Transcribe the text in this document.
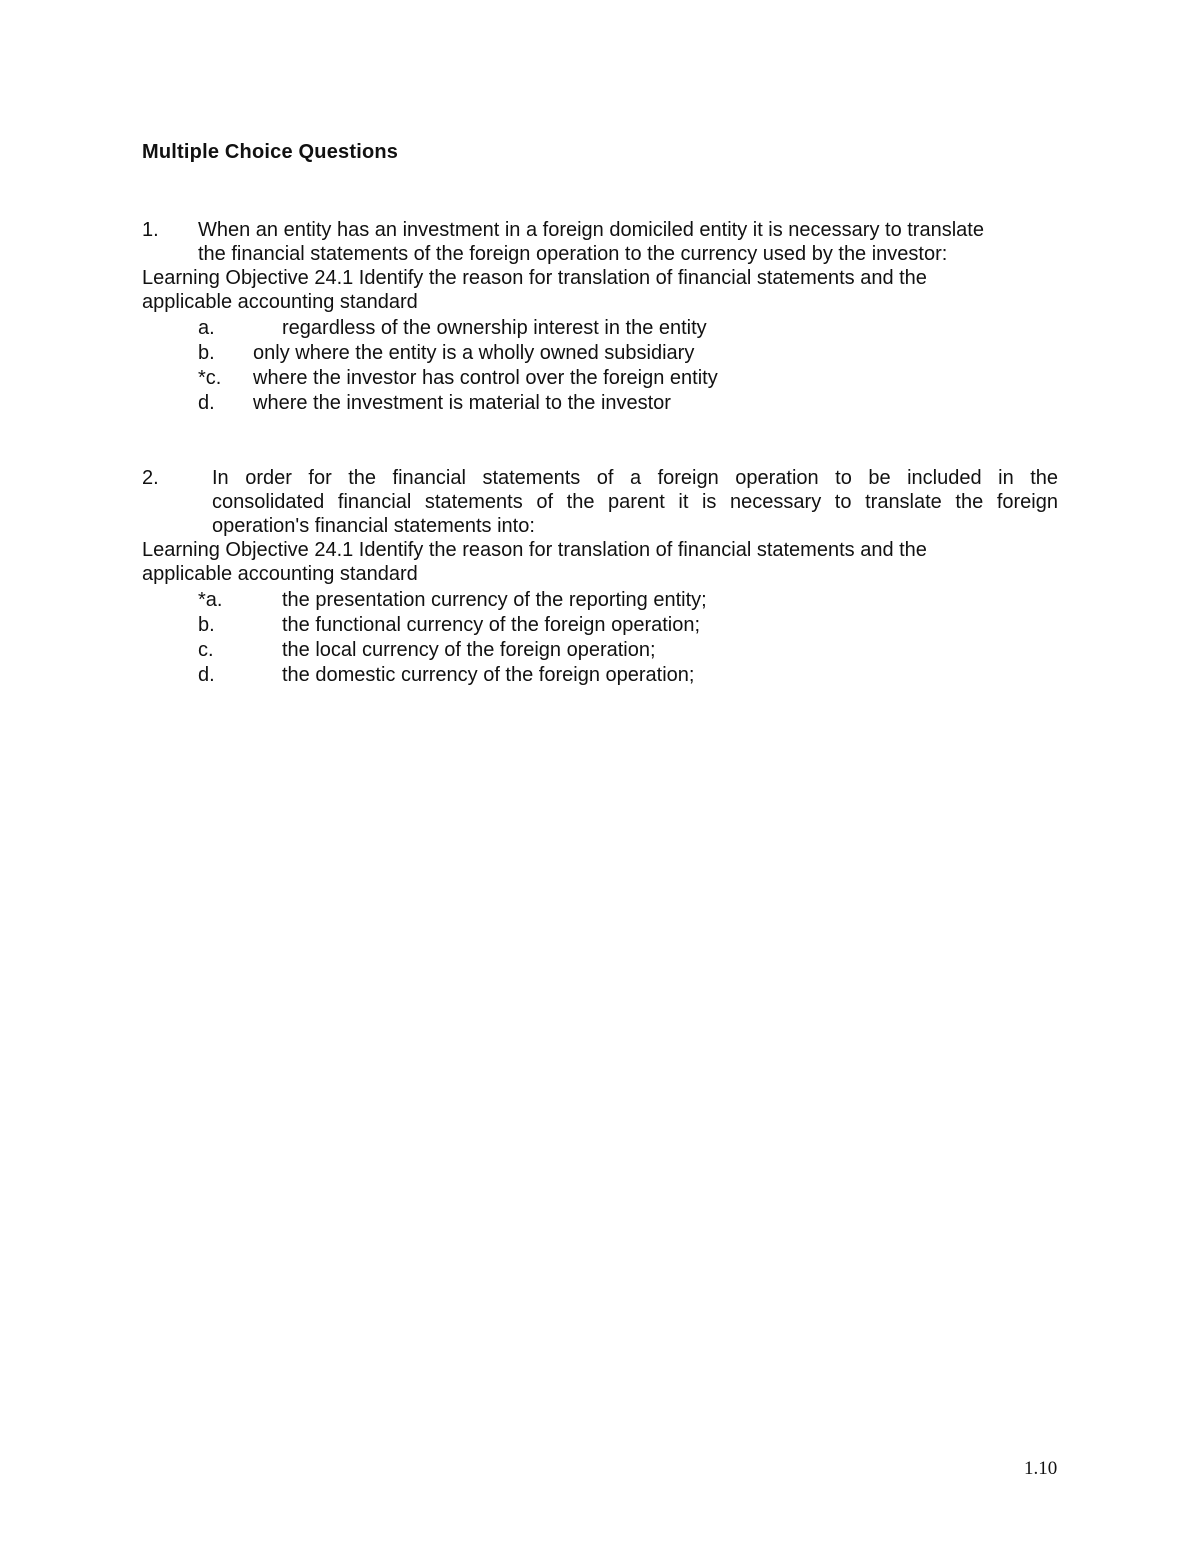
Multiple Choice Questions
1. When an entity has an investment in a foreign domiciled entity it is necessary to translate

the financial statements of the foreign operation to the currency used by the investor:

Learning Objective 24.1 Identify the reason for translation of financial statements and the

applicable accounting standard

a.	regardless of the ownership interest in the entity
b. only where the entity is a wholly owned subsidiary
*c. where the investor has control over the foreign entity
d. where the investment is material to the investor
2.	In order for the financial statements of a foreign operation to be included in the
consolidated financial statements of the parent it is necessary to translate the foreign

operation's financial statements into:

Learning Objective 24.1 Identify the reason for translation of financial statements and the

applicable accounting standard

*a.	the presentation currency of the reporting entity;
b.	the functional currency of the foreign operation;
c.	the local currency of the foreign operation;
d.	the domestic currency of the foreign operation;
1.10
